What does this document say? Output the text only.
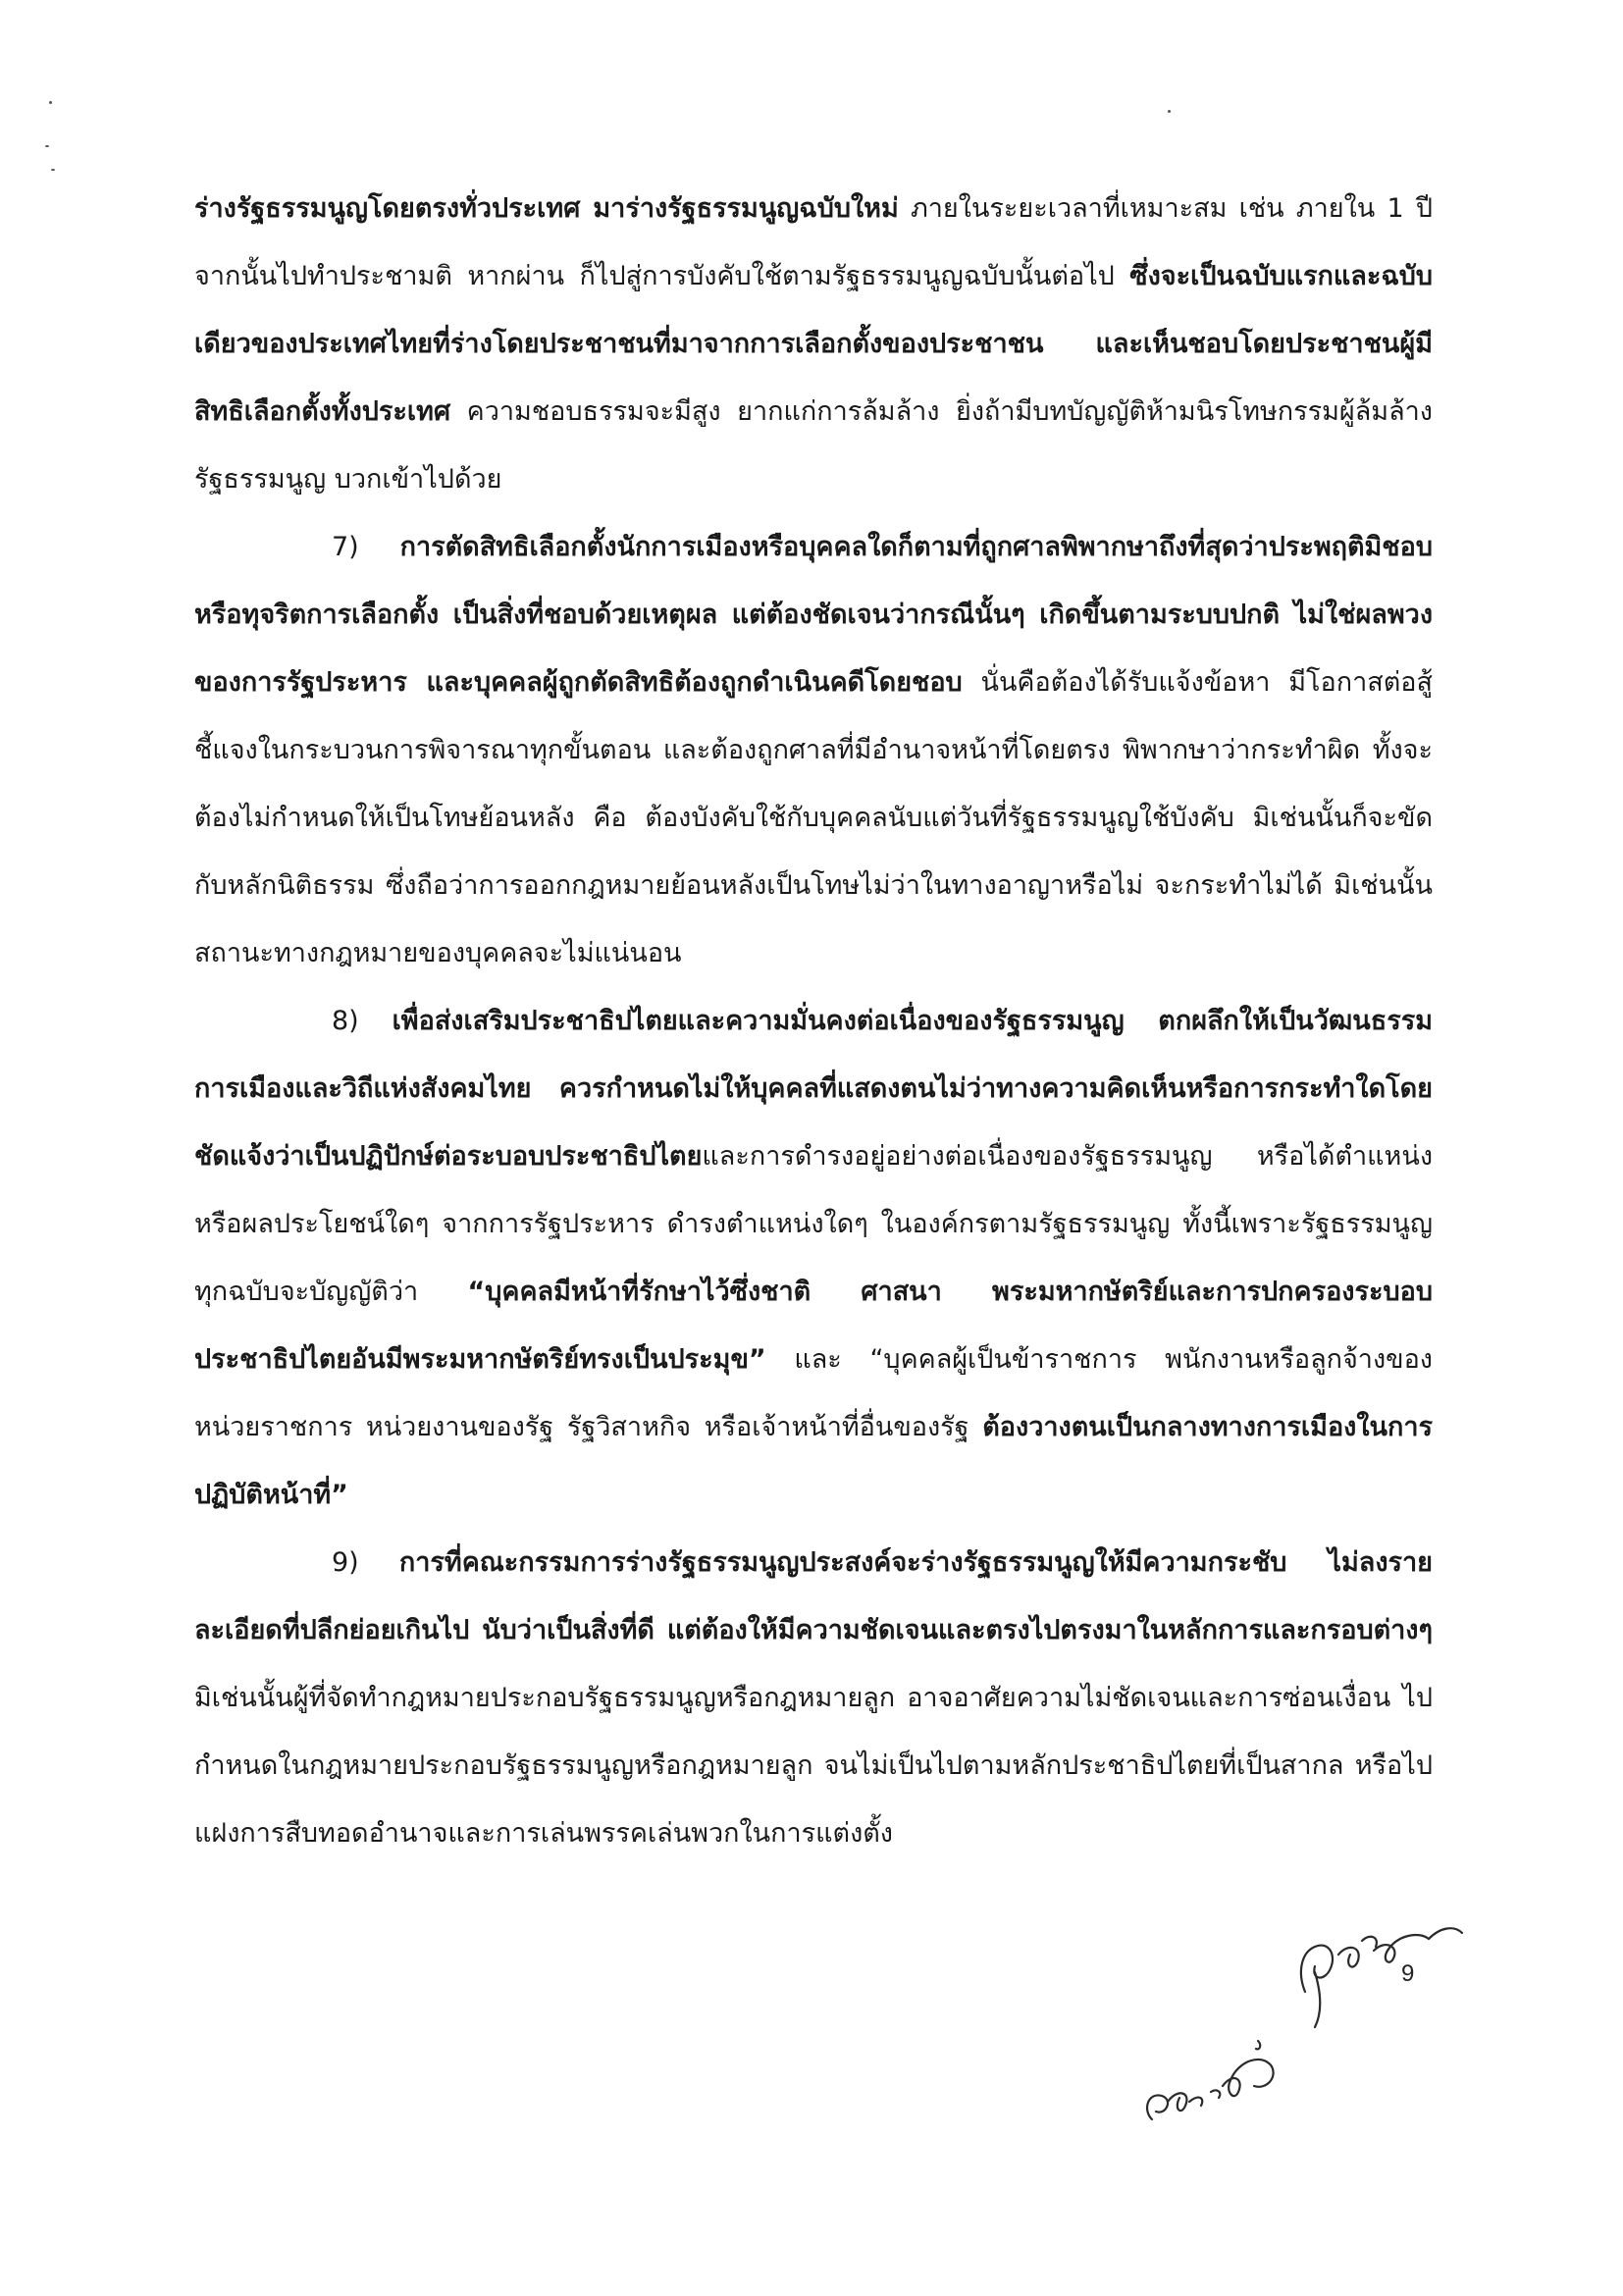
ร่างรัฐธรรมนูญโดยตรงทั่วประเทศ มาร่างรัฐธรรมนูญฉบับใหม่ ภายในระยะเวลาที่เหมาะสม เช่น ภายใน 1 ปี จากนั้นไปทำประชามติ หากผ่าน ก็ไปสู่การบังคับใช้ตามรัฐธรรมนูญฉบับนั้นต่อไป ซึ่งจะเป็นฉบับแรกและฉบับเดียวของประเทศไทยที่ร่างโดยประชาชนที่มาจากการเลือกตั้งของประชาชน และเห็นชอบโดยประชาชนผู้มีสิทธิเลือกตั้งทั้งประเทศ ความชอบธรรมจะมีสูง ยากแก่การล้มล้าง ยิ่งถ้ามีบทบัญญัติห้ามนิรโทษกรรมผู้ล้มล้างรัฐธรรมนูญ บวกเข้าไปด้วย

7) การตัดสิทธิเลือกตั้งนักการเมืองหรือบุคคลใดก็ตามที่ถูกศาลพิพากษาถึงที่สุดว่าประพฤติมิชอบหรือทุจริตการเลือกตั้ง เป็นสิ่งที่ชอบด้วยเหตุผล แต่ต้องชัดเจนว่ากรณีนั้นๆ เกิดขึ้นตามระบบปกติ ไม่ใช่ผลพวงของการรัฐประหาร และบุคคลผู้ถูกตัดสิทธิต้องถูกดำเนินคดีโดยชอบ นั่นคือต้องได้รับแจ้งข้อหา มีโอกาสต่อสู้ชี้แจงในกระบวนการพิจารณาทุกขั้นตอน และต้องถูกศาลที่มีอำนาจหน้าที่โดยตรง พิพากษาว่ากระทำผิด ทั้งจะต้องไม่กำหนดให้เป็นโทษย้อนหลัง คือ ต้องบังคับใช้กับบุคคลนับแต่วันที่รัฐธรรมนูญใช้บังคับ มิเช่นนั้นก็จะขัดกับหลักนิติธรรม ซึ่งถือว่าการออกกฎหมายย้อนหลังเป็นโทษไม่ว่าในทางอาญาหรือไม่ จะกระทำไม่ได้ มิเช่นนั้นสถานะทางกฎหมายของบุคคลจะไม่แน่นอน

8) เพื่อส่งเสริมประชาธิปไตยและความมั่นคงต่อเนื่องของรัฐธรรมนูญ ตกผลึกให้เป็นวัฒนธรรมการเมืองและวิถีแห่งสังคมไทย ควรกำหนดไม่ให้บุคคลที่แสดงตนไม่ว่าทางความคิดเห็นหรือการกระทำใดโดยชัดแจ้งว่าเป็นปฏิปักษ์ต่อระบอบประชาธิปไตยและการดำรงอยู่อย่างต่อเนื่องของรัฐธรรมนูญ หรือได้ตำแหน่งหรือผลประโยชน์ใดๆ จากการรัฐประหาร ดำรงตำแหน่งใดๆ ในองค์กรตามรัฐธรรมนูญ ทั้งนี้เพราะรัฐธรรมนูญทุกฉบับจะบัญญัติว่า “บุคคลมีหน้าที่รักษาไว้ซึ่งชาติ ศาสนา พระมหากษัตริย์และการปกครองระบอบประชาธิปไตยอันมีพระมหากษัตริย์ทรงเป็นประมุข” และ “บุคคลผู้เป็นข้าราชการ พนักงานหรือลูกจ้างของหน่วยราชการ หน่วยงานของรัฐ รัฐวิสาหกิจ หรือเจ้าหน้าที่อื่นของรัฐ ต้องวางตนเป็นกลางทางการเมืองในการปฏิบัติหน้าที่”

9) การที่คณะกรรมการร่างรัฐธรรมนูญประสงค์จะร่างรัฐธรรมนูญให้มีความกระชับ ไม่ลงรายละเอียดที่ปลีกย่อยเกินไป นับว่าเป็นสิ่งที่ดี แต่ต้องให้มีความชัดเจนและตรงไปตรงมาในหลักการและกรอบต่างๆ มิเช่นนั้นผู้ที่จัดทำกฎหมายประกอบรัฐธรรมนูญหรือกฎหมายลูก อาจอาศัยความไม่ชัดเจนและการซ่อนเงื่อน ไปกำหนดในกฎหมายประกอบรัฐธรรมนูญหรือกฎหมายลูก จนไม่เป็นไปตามหลักประชาธิปไตยที่เป็นสากล หรือไปแฝงการสืบทอดอำนาจและการเล่นพรรคเล่นพวกในการแต่งตั้ง

9
